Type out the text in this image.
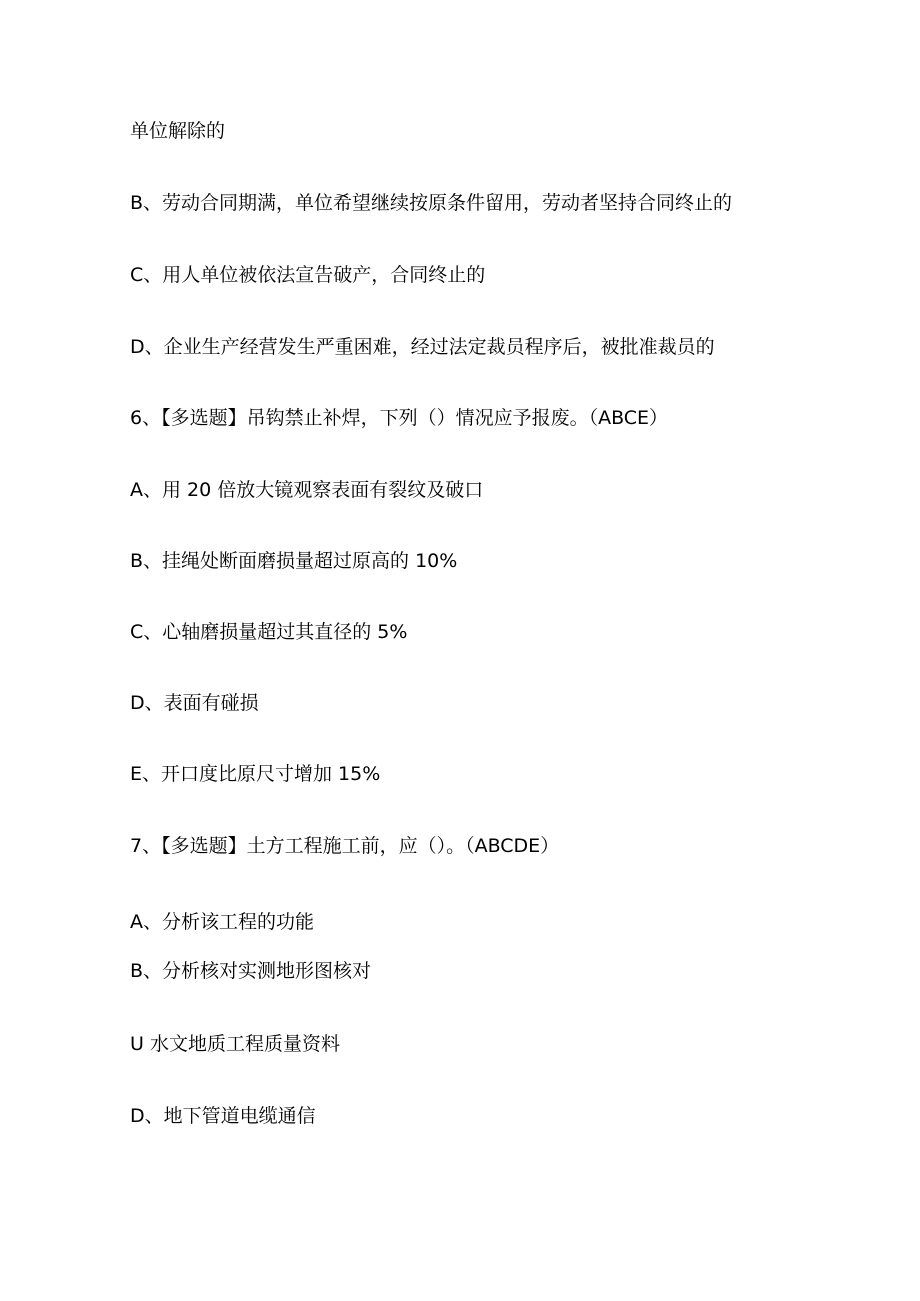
单位解除的
B、劳动合同期满，单位希望继续按原条件留用，劳动者坚持合同终止的
C、用人单位被依法宣告破产，合同终止的
D、企业生产经营发生严重困难，经过法定裁员程序后，被批准裁员的
6、【多选题】吊钩禁止补焊，下列（）情况应予报废。（ABCE）
A、用 20 倍放大镜观察表面有裂纹及破口
B、挂绳处断面磨损量超过原高的 10%
C、心轴磨损量超过其直径的 5%
D、表面有碰损
E、开口度比原尺寸增加 15%
7、【多选题】土方工程施工前，应（）。（ABCDE）
A、分析该工程的功能
B、分析核对实测地形图核对
U 水文地质工程质量资料
D、地下管道电缆通信
